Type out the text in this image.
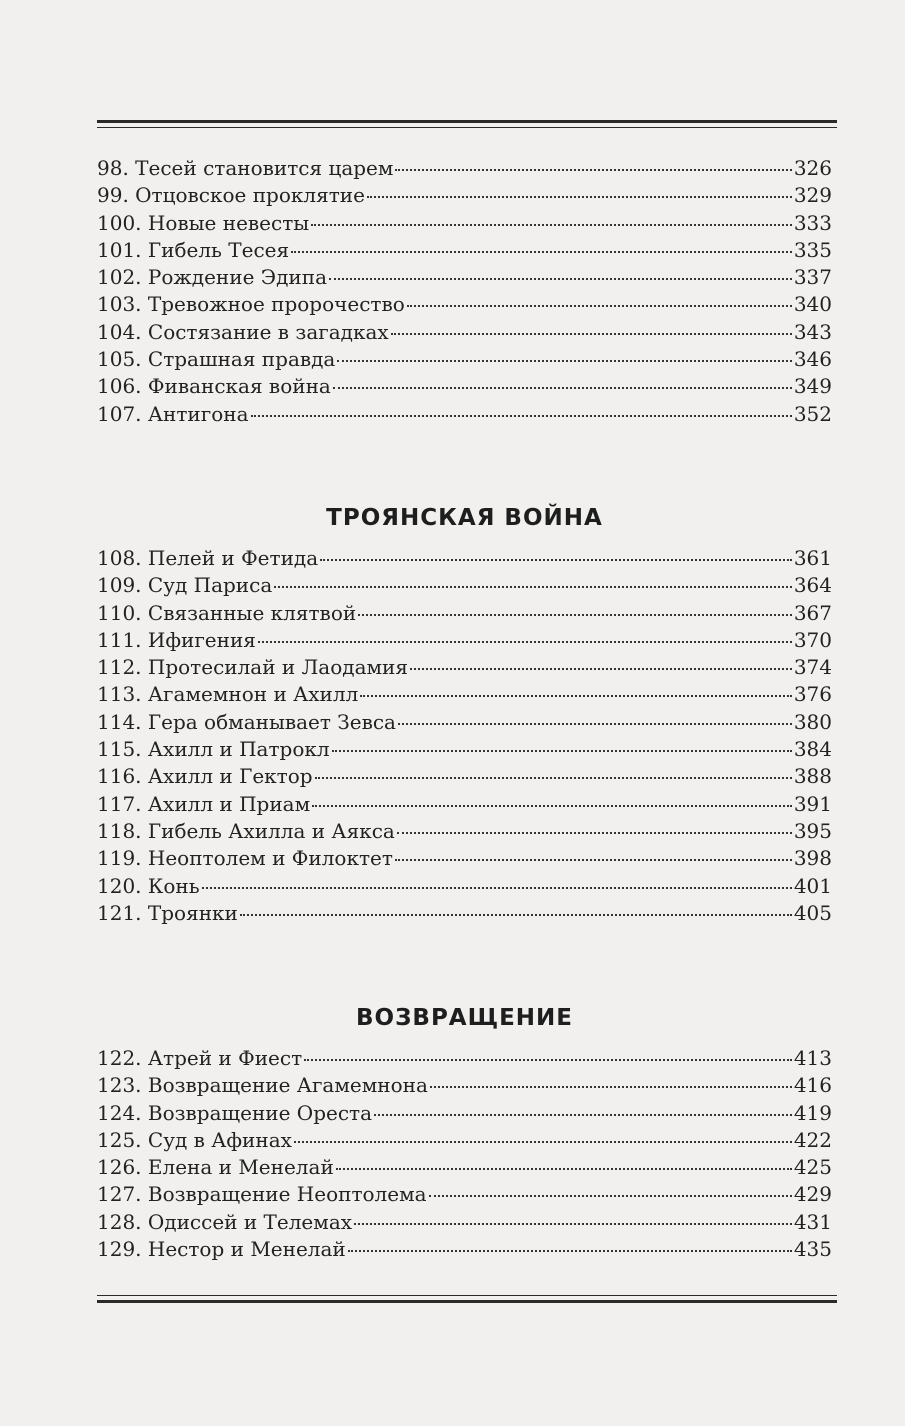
98. Тесей становится царем	326
99. Отцовское проклятие	329
100. Новые невесты	333
101. Гибель Тесея	335
102. Рождение Эдипа	337
103. Тревожное пророчество	340
104. Состязание в загадках	343
105. Страшная правда	346
106. Фиванская война	349
107. Антигона	352
ТРОЯНСКАЯ ВОЙНА
108. Пелей и Фетида	361
109. Суд Париса	364
110. Связанные клятвой	367
111. Ифигения	370
112. Протесилай и Лаодамия	374
113. Агамемнон и Ахилл	376
114. Гера обманывает Зевса	380
115. Ахилл и Патрокл	384
116. Ахилл и Гектор	388
117. Ахилл и Приам	391
118. Гибель Ахилла и Аякса	395
119. Неоптолем и Филоктет	398
120. Конь	401
121. Троянки	405
ВОЗВРАЩЕНИЕ
122. Атрей и Фиест	413
123. Возвращение Агамемнона	416
124. Возвращение Ореста	419
125. Суд в Афинах	422
126. Елена и Менелай	425
127. Возвращение Неоптолема	429
128. Одиссей и Телемах	431
129. Нестор и Менелай	435
